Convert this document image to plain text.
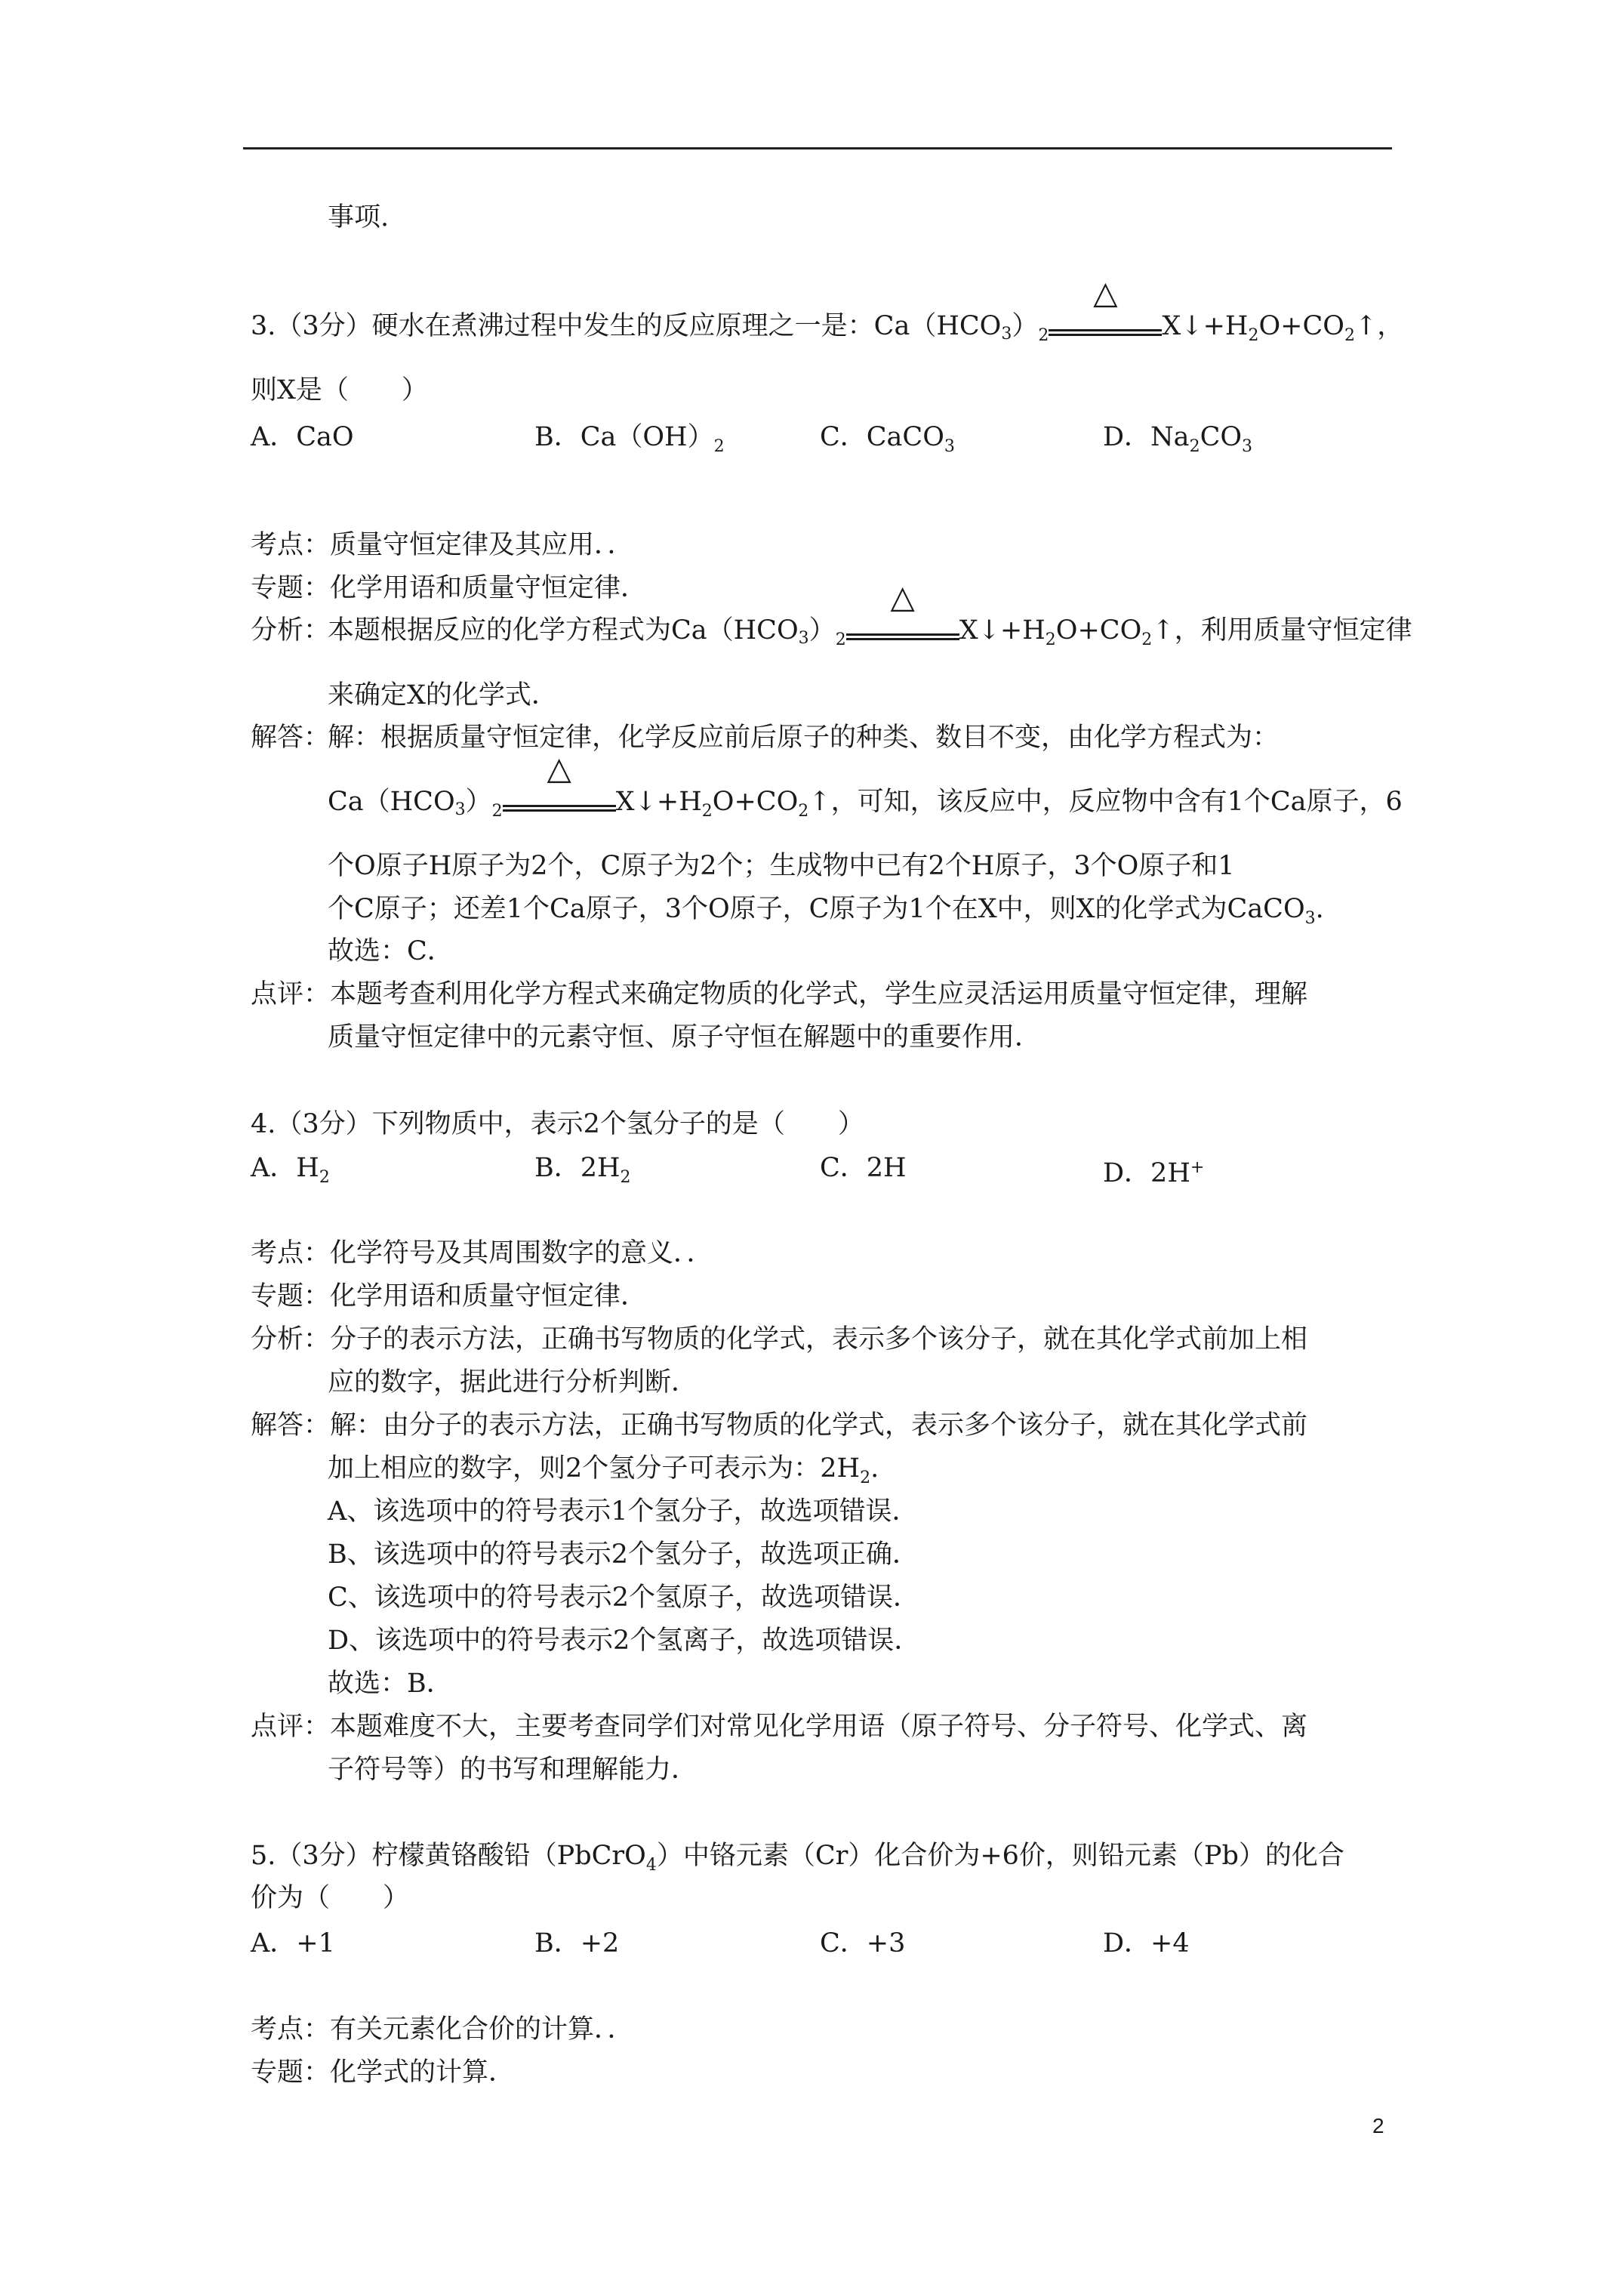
事项.
3.（3分）硬水在煮沸过程中发生的反应原理之一是：$Ca(HCO3)_2$
△
$X↓+H_2O+CO_2↑$，
则X是（　　）
A．CaO	B．$Ca(OH)_2$	C．CaCO$_3$	D．$Na_2CO_3$
考点：质量守恒定律及其应用．．
专题：化学用语和质量守恒定律．
分析：
本题根据反应的化学方程式为$Ca(HCO3)_2$
△
$X↓+H_2O+CO_2↑$，利用质量守恒定律
来确定X的化学式．
解答：
解：根据质量守恒定律，化学反应前后原子的种类、数目不变，由化学方程式为：
$Ca(HCO3)_2$
△
$X↓+H_2O+CO_2↑$，可知，该反应中，反应物中含有1个Ca原子，6
个O原子H原子为2个，C原子为2个；生成物中已有2个H原子，3个O原子和1
个C原子；还差1个Ca原子，3个O原子，C原子为1个在X中，则X的化学式为CaCO$_3$.
故选：C．
点评：本题考查利用化学方程式来确定物质的化学式，学生应灵活运用质量守恒定律，理解
质量守恒定律中的元素守恒、原子守恒在解题中的重要作用．
4.（3分）下列物质中，表示2个氢分子的是（　　）
A．$H_2$	B．$2H_2$	C．2H	D．2H+
考点：化学符号及其周围数字的意义．．
专题：化学用语和质量守恒定律．
分析：分子的表示方法，正确书写物质的化学式，表示多个该分子，就在其化学式前加上相
应的数字，据此进行分析判断．
解答：解：由分子的表示方法，正确书写物质的化学式，表示多个该分子，就在其化学式前
加上相应的数字，则2个氢分子可表示为：$2H_2$.
A、该选项中的符号表示1个氢分子，故选项错误．
B、该选项中的符号表示2个氢分子，故选项正确．
C、该选项中的符号表示2个氢原子，故选项错误．
D、该选项中的符号表示2个氢离子，故选项错误．
故选：B．
点评：本题难度不大，主要考查同学们对常见化学用语（原子符号、分子符号、化学式、离
子符号等）的书写和理解能力．
5.（3分）柠檬黄铬酸铅（PbCrO$_4$）中铬元素（Cr）化合价为+6价，则铅元素（Pb）的化合
价为（　　）
A．+1	B．+2	C．+3	D．+4
考点：有关元素化合价的计算．．
专题：化学式的计算．
2
